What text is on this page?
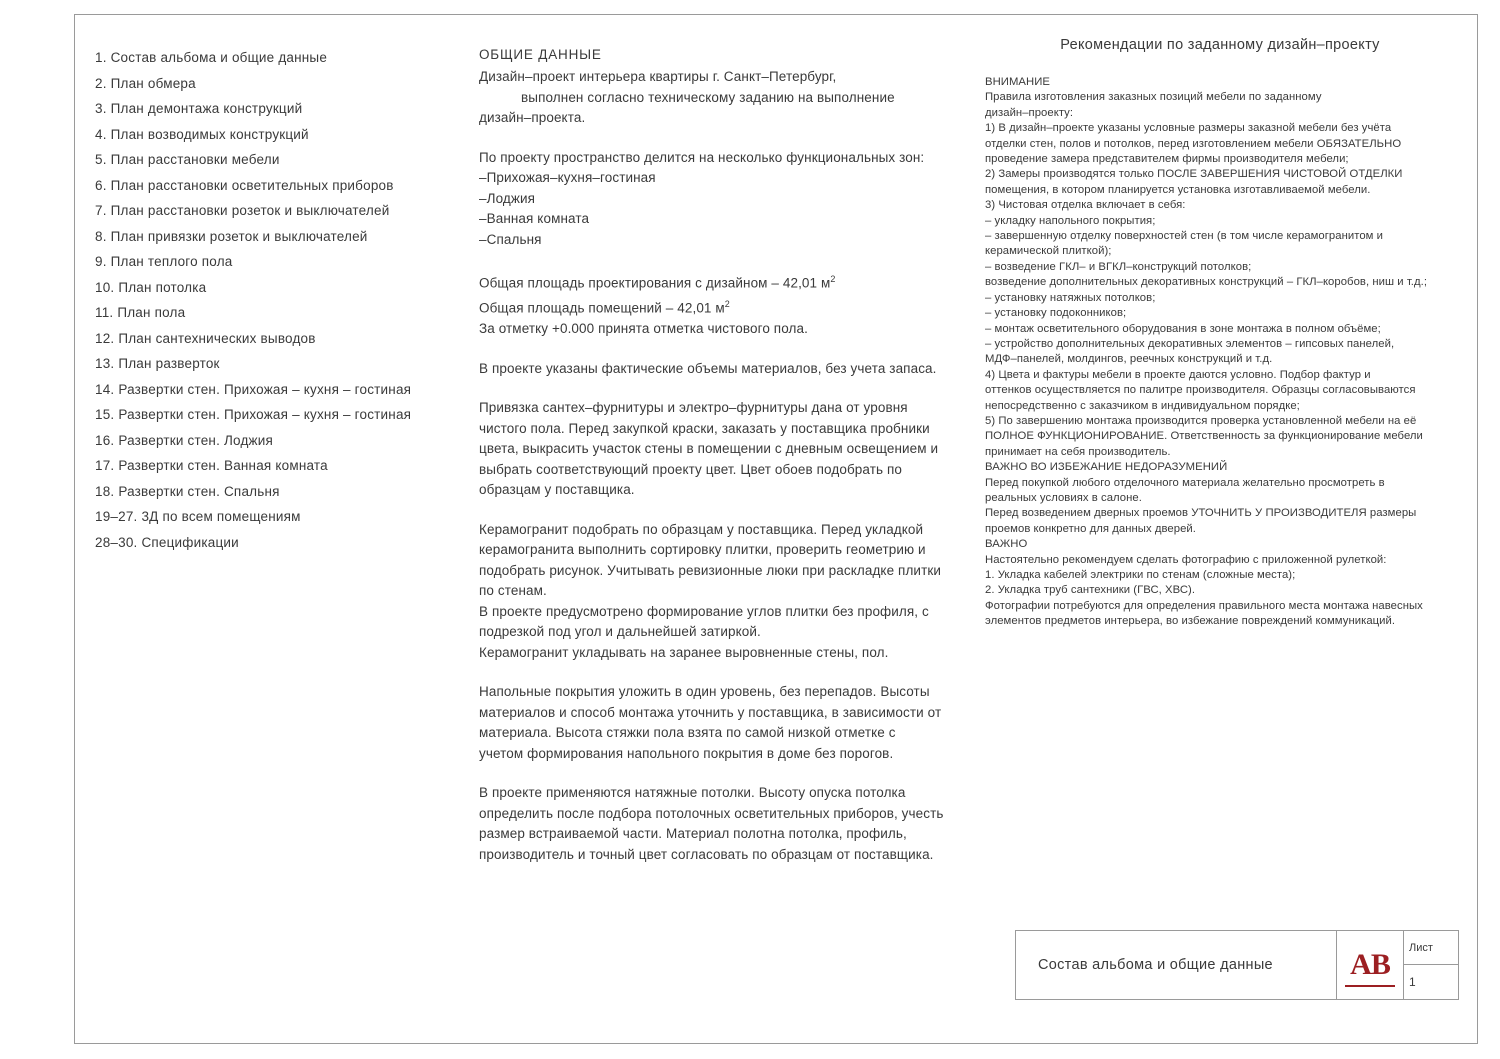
1. Состав альбома и общие данные
2. План обмера
3. План демонтажа конструкций
4. План возводимых конструкций
5. План расстановки мебели
6. План расстановки осветительных приборов
7. План расстановки розеток и выключателей
8. План привязки розеток и выключателей
9. План теплого пола
10. План потолка
11. План пола
12. План сантехнических выводов
13. План разверток
14. Развертки стен. Прихожая – кухня – гостиная
15. Развертки стен. Прихожая – кухня – гостиная
16. Развертки стен. Лоджия
17. Развертки стен. Ванная комната
18. Развертки стен. Спальня
19–27. 3Д по всем помещениям
28–30. Спецификации
ОБЩИЕ ДАННЫЕ

Дизайн–проект интерьера квартиры г. Санкт–Петербург,

выполнен согласно техническому заданию на выполнение

дизайн–проекта.

По проекту пространство делится на несколько функциональных зон:

–Прихожая–кухня–гостиная

–Лоджия

–Ванная комната

–Спальня

Общая площадь проектирования с дизайном – 42,01 $м^2$

Общая площадь помещений – 42,01 $м^2$

За отметку +0.000 принята отметка чистового пола.

В проекте указаны фактические объемы материалов, без учета запаса.

Привязка сантех–фурнитуры и электро–фурнитуры дана от уровня

чистого пола. Перед закупкой краски, заказать у поставщика пробники

цвета, выкрасить участок стены в помещении с дневным освещением и

выбрать соответствующий проекту цвет. Цвет обоев подобрать по

образцам у поставщика.

Керамогранит подобрать по образцам у поставщика. Перед укладкой

керамогранита выполнить сортировку плитки, проверить геометрию и

подобрать рисунок. Учитывать ревизионные люки при раскладке плитки

по стенам.

В проекте предусмотрено формирование углов плитки без профиля, с

подрезкой под угол и дальнейшей затиркой.

Керамогранит укладывать на заранее выровненные стены, пол.

Напольные покрытия уложить в один уровень, без перепадов. Высоты

материалов и способ монтажа уточнить у поставщика, в зависимости от

материала. Высота стяжки пола взята по самой низкой отметке с

учетом формирования напольного покрытия в доме без порогов.

В проекте применяются натяжные потолки. Высоту опуска потолка

определить после подбора потолочных осветительных приборов, учесть

размер встраиваемой части. Материал полотна потолка, профиль,

производитель и точный цвет согласовать по образцам от поставщика.

Рекомендации по заданному дизайн–проекту
ВНИМАНИЕ
Правила изготовления заказных позиций мебели по заданному
дизайн–проекту:
1) В дизайн–проекте указаны условные размеры заказной мебели без учёта
отделки стен, полов и потолков, перед изготовлением мебели ОБЯЗАТЕЛЬНО
проведение замера представителем фирмы производителя мебели;
2) Замеры производятся только ПОСЛЕ ЗАВЕРШЕНИЯ ЧИСТОВОЙ ОТДЕЛКИ
помещения, в котором планируется установка изготавливаемой мебели.
3) Чистовая отделка включает в себя:
– укладку напольного покрытия;
– завершенную отделку поверхностей стен (в том числе керамогранитом и
керамической плиткой);
– возведение ГКЛ– и ВГКЛ–конструкций потолков;
возведение дополнительных декоративных конструкций – ГКЛ–коробов, ниш и т.д.;
– установку натяжных потолков;
– установку подоконников;
– монтаж осветительного оборудования в зоне монтажа в полном объёме;
– устройство дополнительных декоративных элементов – гипсовых панелей,
МДФ–панелей, молдингов, реечных конструкций и т.д.
4) Цвета и фактуры мебели в проекте даются условно. Подбор фактур и
оттенков осуществляется по палитре производителя. Образцы согласовываются
непосредственно с заказчиком в индивидуальном порядке;
5) По завершению монтажа производится проверка установленной мебели на её
ПОЛНОЕ ФУНКЦИОНИРОВАНИЕ. Ответственность за функционирование мебели
принимает на себя производитель.
ВАЖНО ВО ИЗБЕЖАНИЕ НЕДОРАЗУМЕНИЙ
Перед покупкой любого отделочного материала желательно просмотреть в
реальных условиях в салоне.
Перед возведением дверных проемов УТОЧНИТЬ У ПРОИЗВОДИТЕЛЯ размеры
проемов конкретно для данных дверей.
ВАЖНО
Настоятельно рекомендуем сделать фотографию с приложенной рулеткой:
1. Укладка кабелей электрики по стенам (сложные места);
2. Укладка труб сантехники (ГВС, ХВС).
Фотографии потребуются для определения правильного места монтажа навесных
элементов предметов интерьера, во избежание повреждений коммуникаций.
Состав альбома и общие данные	АВ
Лист
1
